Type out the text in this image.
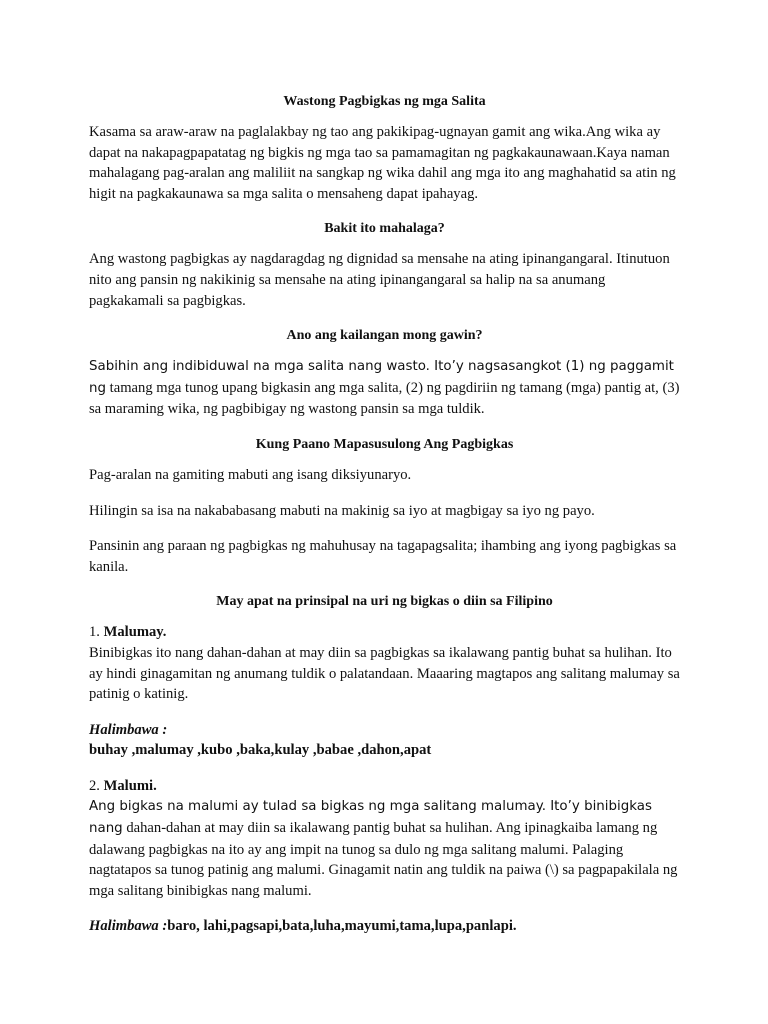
Wastong Pagbigkas ng mga Salita

Kasama sa araw-araw na paglalakbay ng tao ang pakikipag-ugnayan gamit ang wika.Ang wika ay dapat na nakapagpapatatag ng bigkis ng mga tao sa pamamagitan ng pagkakaunawaan.Kaya naman mahalagang pag-aralan ang maliliit na sangkap ng wika dahil ang mga ito ang maghahatid sa atin ng higit na pagkakaunawa sa mga salita o mensaheng dapat ipahayag.

Bakit ito mahalaga?

Ang wastong pagbigkas ay nagdaragdag ng dignidad sa mensahe na ating ipinangangaral. Itinutuon nito ang pansin ng nakikinig sa mensahe na ating ipinangangaral sa halip na sa anumang pagkakamali sa pagbigkas.

Ano ang kailangan mong gawin?

Sabihin ang indibiduwal na mga salita nang wasto. Ito’y nagsasangkot (1) ng paggamit ng tamang mga tunog upang bigkasin ang mga salita, (2) ng pagdiriin ng tamang (mga) pantig at, (3) sa maraming wika, ng pagbibigay ng wastong pansin sa mga tuldik.

Kung Paano Mapasusulong Ang Pagbigkas

Pag-aralan na gamiting mabuti ang isang diksiyunaryo.

Hilingin sa isa na nakababasang mabuti na makinig sa iyo at magbigay sa iyo ng payo.

Pansinin ang paraan ng pagbigkas ng mahuhusay na tagapagsalita; ihambing ang iyong pagbigkas sa kanila.

May apat na prinsipal na uri ng bigkas o diin sa Filipino
1. Malumay.
Binibigkas ito nang dahan-dahan at may diin sa pagbigkas sa ikalawang pantig buhat sa hulihan. Ito ay hindi ginagamitan ng anumang tuldik o palatandaan. Maaaring magtapos ang salitang malumay sa patinig o katinig.
Halimbawa :
buhay ,malumay ,kubo ,baka,kulay ,babae ,dahon,apat
2. Malumi.
Ang bigkas na malumi ay tulad sa bigkas ng mga salitang malumay. Ito’y binibigkas nang dahan-dahan at may diin sa ikalawang pantig buhat sa hulihan. Ang ipinagkaiba lamang ng dalawang pagbigkas na ito ay ang impit na tunog sa dulo ng mga salitang malumi. Palaging nagtatapos sa tunog patinig ang malumi. Ginagamit natin ang tuldik na paiwa (\) sa pagpapakilala ng mga salitang binibigkas nang malumi.
Halimbawa :baro, lahi,pagsapi,bata,luha,mayumi,tama,lupa,panlapi.
